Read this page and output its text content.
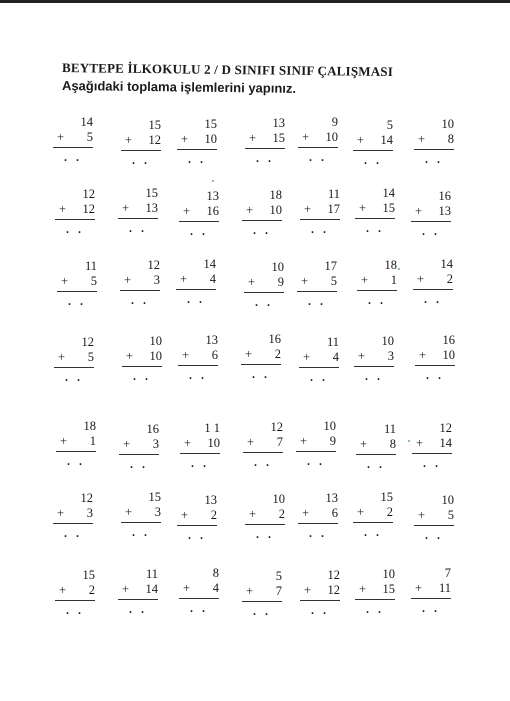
BEYTEPE İLKOKULU 2 / D SINIFI SINIF ÇALIŞMASI
Aşağıdaki toplama işlemlerini yapınız.
14
+ 5
. .
15
+ 12
. .
15
+ 10
. .
13
+ 15
. .
9
+ 10
. .
5
+ 14
. .
10
+ 8
. .
12
+ 12
. .
15
+ 13
. .
13
+ 16
. .
18
+ 10
. .
11
+ 17
. .
14
+ 15
. .
16
+ 13
. .
11
+ 5
. .
12
+ 3
. .
14
+ 4
. .
10
+ 9
. .
17
+ 5
. .
18
+ 1
. .
14
+ 2
. .
12
+ 5
. .
10
+ 10
. .
13
+ 6
. .
16
+ 2
. .
11
+ 4
. .
10
+ 3
. .
16
+ 10
. .
18
+ 1
. .
16
+ 3
. .
1 1
+ 10
. .
12
+ 7
. .
10
+ 9
. .
11
+ 8
. .
12
+ 14
. .
12
+ 3
. .
15
+ 3
. .
13
+ 2
. .
10
+ 2
. .
13
+ 6
. .
15
+ 2
. .
10
+ 5
. .
15
+ 2
. .
11
+ 14
. .
8
+ 4
. .
5
+ 7
. .
12
+ 12
. .
10
+ 15
. .
7
+ 11
. .
